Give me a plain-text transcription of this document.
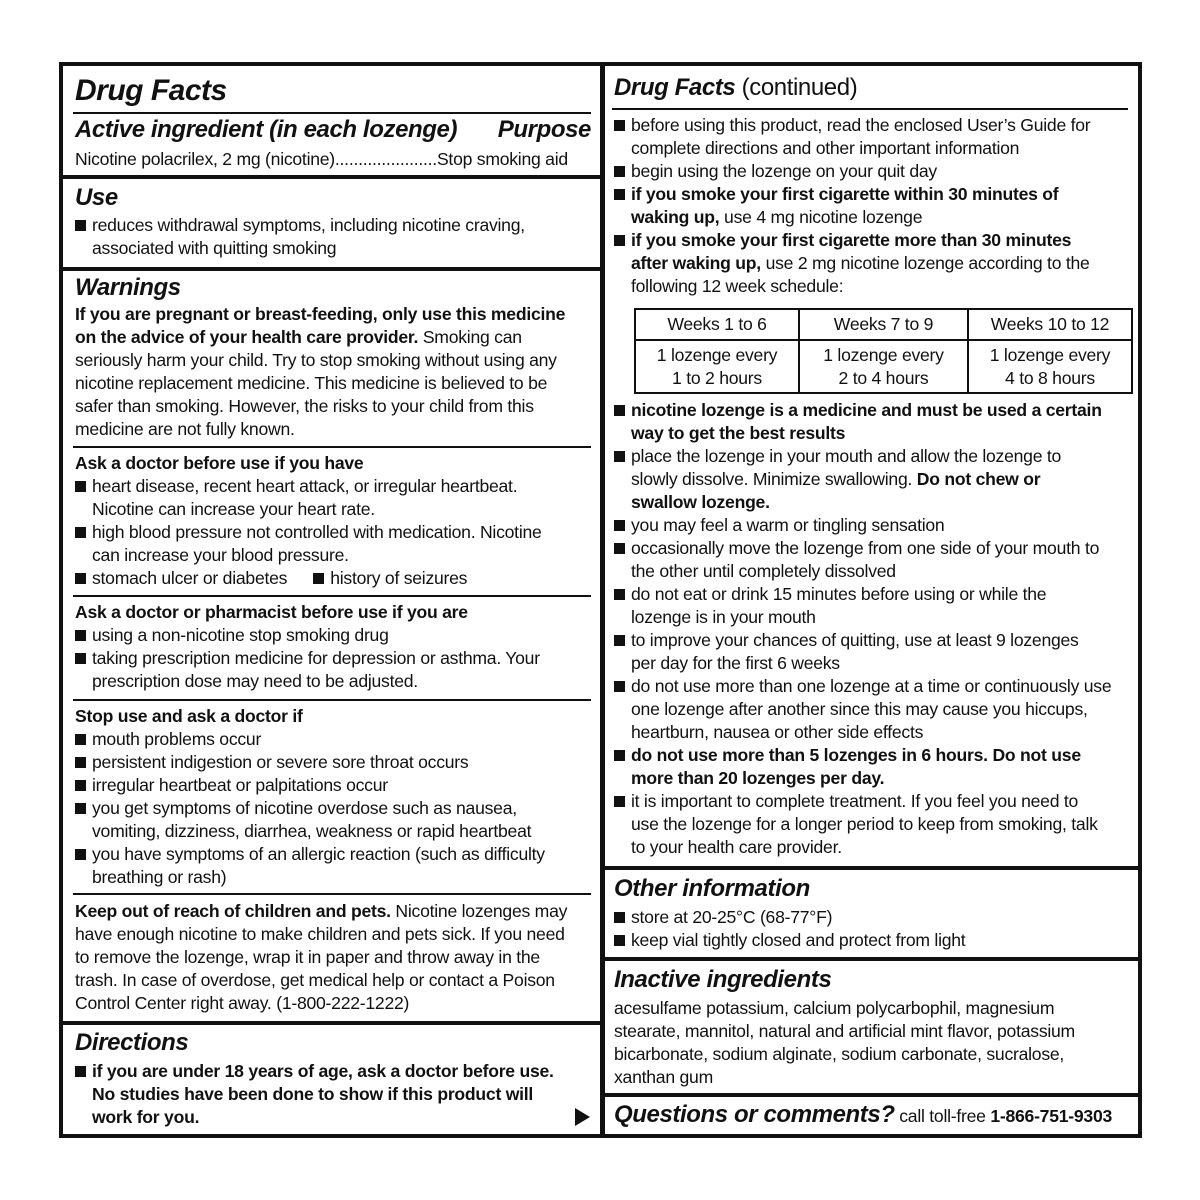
Drug Facts
Active ingredient (in each lozenge) Purpose
Nicotine polacrilex, 2 mg (nicotine)......................Stop smoking aid
Use
reduces withdrawal symptoms, including nicotine craving,
associated with quitting smoking
Warnings
If you are pregnant or breast-feeding, only use this medicine
on the advice of your health care provider. Smoking can
seriously harm your child. Try to stop smoking without using any
nicotine replacement medicine. This medicine is believed to be
safer than smoking. However, the risks to your child from this
medicine are not fully known.
Ask a doctor before use if you have
heart disease, recent heart attack, or irregular heartbeat.
Nicotine can increase your heart rate.
high blood pressure not controlled with medication. Nicotine
can increase your blood pressure.
stomach ulcer or diabetes history of seizures
Ask a doctor or pharmacist before use if you are
using a non-nicotine stop smoking drug
taking prescription medicine for depression or asthma. Your
prescription dose may need to be adjusted.
Stop use and ask a doctor if
mouth problems occur
persistent indigestion or severe sore throat occurs
irregular heartbeat or palpitations occur
you get symptoms of nicotine overdose such as nausea,
vomiting, dizziness, diarrhea, weakness or rapid heartbeat
you have symptoms of an allergic reaction (such as difficulty
breathing or rash)
Keep out of reach of children and pets. Nicotine lozenges may
have enough nicotine to make children and pets sick. If you need
to remove the lozenge, wrap it in paper and throw away in the
trash. In case of overdose, get medical help or contact a Poison
Control Center right away. (1-800-222-1222)
Directions
if you are under 18 years of age, ask a doctor before use.
No studies have been done to show if this product will
work for you.
Drug Facts (continued)
before using this product, read the enclosed User’s Guide for
complete directions and other important information
begin using the lozenge on your quit day
if you smoke your first cigarette within 30 minutes of
waking up, use 4 mg nicotine lozenge
if you smoke your first cigarette more than 30 minutes
after waking up, use 2 mg nicotine lozenge according to the
following 12 week schedule:
Weeks 1 to 6	Weeks 7 to 9	Weeks 10 to 12
1 lozenge every
1 to 2 hours	1 lozenge every
2 to 4 hours	1 lozenge every
4 to 8 hours
nicotine lozenge is a medicine and must be used a certain
way to get the best results
place the lozenge in your mouth and allow the lozenge to
slowly dissolve. Minimize swallowing. Do not chew or
swallow lozenge.
you may feel a warm or tingling sensation
occasionally move the lozenge from one side of your mouth to
the other until completely dissolved
do not eat or drink 15 minutes before using or while the
lozenge is in your mouth
to improve your chances of quitting, use at least 9 lozenges
per day for the first 6 weeks
do not use more than one lozenge at a time or continuously use
one lozenge after another since this may cause you hiccups,
heartburn, nausea or other side effects
do not use more than 5 lozenges in 6 hours. Do not use
more than 20 lozenges per day.
it is important to complete treatment. If you feel you need to
use the lozenge for a longer period to keep from smoking, talk
to your health care provider.
Other information
store at 20-25°C (68-77°F)
keep vial tightly closed and protect from light
Inactive ingredients
acesulfame potassium, calcium polycarbophil, magnesium
stearate, mannitol, natural and artificial mint flavor, potassium
bicarbonate, sodium alginate, sodium carbonate, sucralose,
xanthan gum
Questions or comments? call toll-free 1-866-751-9303
